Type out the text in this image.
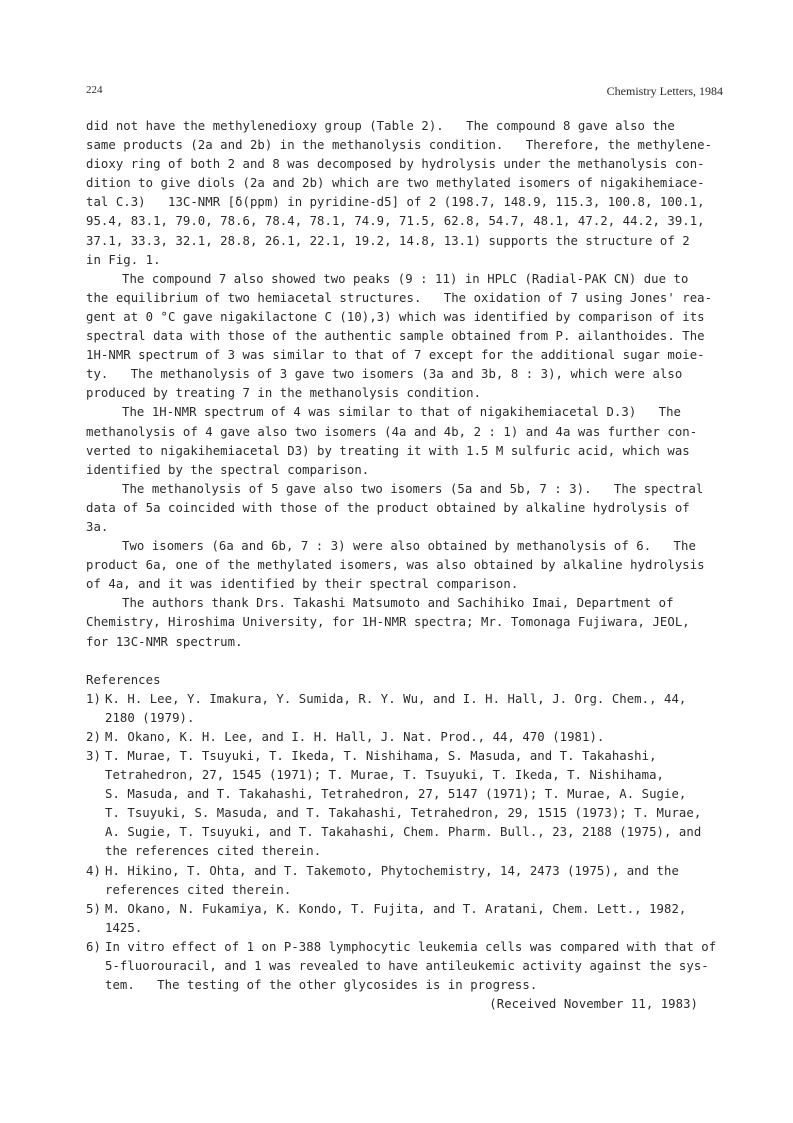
224	Chemistry Letters, 1984
did not have the methylenedioxy group (Table 2).   The compound 8 gave also the
same products (2a and 2b) in the methanolysis condition.   Therefore, the methylene-
dioxy ring of both 2 and 8 was decomposed by hydrolysis under the methanolysis con-
dition to give diols (2a and 2b) which are two methylated isomers of nigakihemiace-
tal C.3)   13C-NMR [δ(ppm) in pyridine-d5] of 2 (198.7, 148.9, 115.3, 100.8, 100.1,
95.4, 83.1, 79.0, 78.6, 78.4, 78.1, 74.9, 71.5, 62.8, 54.7, 48.1, 47.2, 44.2, 39.1,
37.1, 33.3, 32.1, 28.8, 26.1, 22.1, 19.2, 14.8, 13.1) supports the structure of 2
in Fig. 1.
The compound 7 also showed two peaks (9 : 11) in HPLC (Radial-PAK CN) due to
the equilibrium of two hemiacetal structures.   The oxidation of 7 using Jones' rea-
gent at 0 °C gave nigakilactone C (10),3) which was identified by comparison of its
spectral data with those of the authentic sample obtained from P. ailanthoides. The
1H-NMR spectrum of 3 was similar to that of 7 except for the additional sugar moie-
ty.   The methanolysis of 3 gave two isomers (3a and 3b, 8 : 3), which were also
produced by treating 7 in the methanolysis condition.
The 1H-NMR spectrum of 4 was similar to that of nigakihemiacetal D.3)   The
methanolysis of 4 gave also two isomers (4a and 4b, 2 : 1) and 4a was further con-
verted to nigakihemiacetal D3) by treating it with 1.5 M sulfuric acid, which was
identified by the spectral comparison.
The methanolysis of 5 gave also two isomers (5a and 5b, 7 : 3).   The spectral
data of 5a coincided with those of the product obtained by alkaline hydrolysis of
3a.
Two isomers (6a and 6b, 7 : 3) were also obtained by methanolysis of 6.   The
product 6a, one of the methylated isomers, was also obtained by alkaline hydrolysis
of 4a, and it was identified by their spectral comparison.
The authors thank Drs. Takashi Matsumoto and Sachihiko Imai, Department of
Chemistry, Hiroshima University, for 1H-NMR spectra; Mr. Tomonaga Fujiwara, JEOL,
for 13C-NMR spectrum.
References
1) K. H. Lee, Y. Imakura, Y. Sumida, R. Y. Wu, and I. H. Hall, J. Org. Chem., 44,
2180 (1979).
2) M. Okano, K. H. Lee, and I. H. Hall, J. Nat. Prod., 44, 470 (1981).
3) T. Murae, T. Tsuyuki, T. Ikeda, T. Nishihama, S. Masuda, and T. Takahashi,
Tetrahedron, 27, 1545 (1971); T. Murae, T. Tsuyuki, T. Ikeda, T. Nishihama,
S. Masuda, and T. Takahashi, Tetrahedron, 27, 5147 (1971); T. Murae, A. Sugie,
T. Tsuyuki, S. Masuda, and T. Takahashi, Tetrahedron, 29, 1515 (1973); T. Murae,
A. Sugie, T. Tsuyuki, and T. Takahashi, Chem. Pharm. Bull., 23, 2188 (1975), and
the references cited therein.
4) H. Hikino, T. Ohta, and T. Takemoto, Phytochemistry, 14, 2473 (1975), and the
references cited therein.
5) M. Okano, N. Fukamiya, K. Kondo, T. Fujita, and T. Aratani, Chem. Lett., 1982,
1425.
6) In vitro effect of 1 on P-388 lymphocytic leukemia cells was compared with that of
5-fluorouracil, and 1 was revealed to have antileukemic activity against the sys-
tem.   The testing of the other glycosides is in progress.
(Received November 11, 1983)
